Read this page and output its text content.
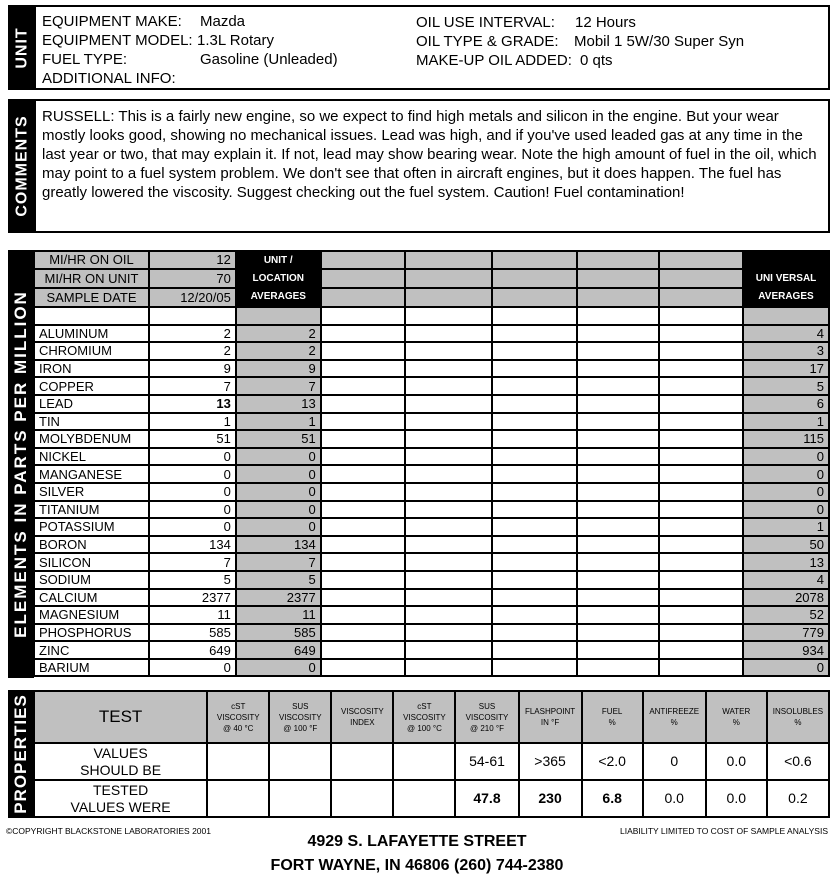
UNIT
EQUIPMENT MAKE: Mazda
EQUIPMENT MODEL: 1.3L Rotary
FUEL TYPE:	Gasoline (Unleaded)
ADDITIONAL INFO:
OIL USE INTERVAL: 12 Hours
OIL TYPE & GRADE: Mobil 1 5W/30 Super Syn
MAKE-UP OIL ADDED: 0 qts
COMMENTS RUSSELL: This is a fairly new engine, so we expect to find high metals and silicon in the engine. But your wear mostly looks good, showing no mechanical issues. Lead was high, and if you've used leaded gas at any time in the last year or two, that may explain it. If not, lead may show bearing wear. Note the high amount of fuel in the oil, which may point to a fuel system problem. We don't see that often in aircraft engines, but it does happen. The fuel has greatly lowered the viscosity. Suggest checking out the fuel system. Caution! Fuel contamination!
ELEMENTS IN PARTS PER MILLION
MI/HR ON OIL	12	UNIT /
LOCATION
AVERAGES						

MI/HR ON UNIT	70							UNI VERSAL
AVERAGES

SAMPLE DATE	12/20/05							

ALUMINUM	2	2						4
CHROMIUM	2	2						3
IRON	9	9						17
COPPER	7	7						5
LEAD	13	13						6
TIN	1	1						1
MOLYBDENUM	51	51						115
NICKEL	0	0						0
MANGANESE	0	0						0
SILVER	0	0						0
TITANIUM	0	0						0
POTASSIUM	0	0						1
BORON	134	134						50
SILICON	7	7						13
SODIUM	5	5						4
CALCIUM	2377	2377						2078
MAGNESIUM	11	11						52
PHOSPHORUS	585	585						779
ZINC	649	649						934
BARIUM	0	0						0
PROPERTIES	TEST	
cST
VISCOSITY
@ 40 °C

SUS
VISCOSITY
@ 100 °F

VISCOSITY
INDEX

cST
VISCOSITY
@ 100 °C

SUS
VISCOSITY
@ 210 °F

FLASHPOINT
IN °F

FUEL
%

ANTIFREEZE
%

WATER
%

INSOLUBLES
%

VALUES
SHOULD BE					54-61	>365	<2.0	0	0.0	<0.6

TESTED
VALUES WERE					47.8	230	6.8	0.0	0.0	0.2
©COPYRIGHT BLACKSTONE LABORATORIES 2001	LIABILITY LIMITED TO COST OF SAMPLE ANALYSIS
4929 S. LAFAYETTE STREET
FORT WAYNE, IN 46806 (260) 744-2380
